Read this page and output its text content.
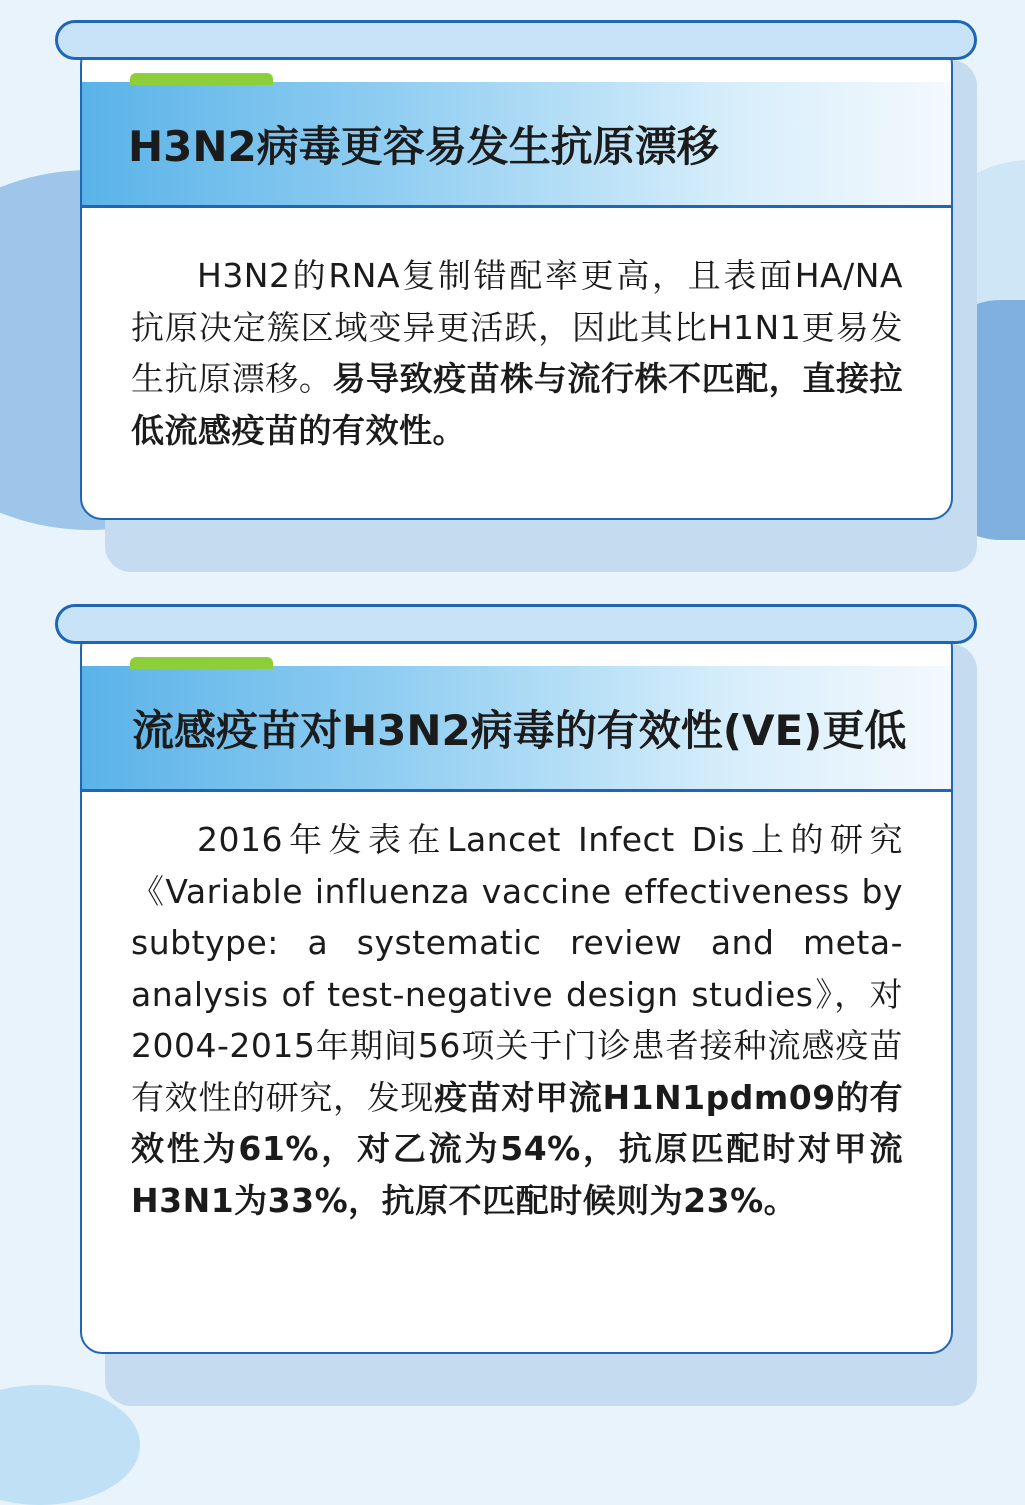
H3N2病毒更容易发生抗原漂移

H3N2的RNA复制错配率更高，且表面HA/NA抗原决定簇区域变异更活跃，因此其比H1N1更易发生抗原漂移。易导致疫苗株与流行株不匹配，直接拉低流感疫苗的有效性。

流感疫苗对H3N2病毒的有效性(VE)更低

2016年发表在Lancet Infect Dis上的研究《Variable influenza vaccine effectiveness by subtype: a systematic review and meta-analysis of test-negative design studies》，对2004-2015年期间56项关于门诊患者接种流感疫苗有效性的研究，发现疫苗对甲流H1N1pdm09的有效性为61%，对乙流为54%，抗原匹配时对甲流H3N1为33%，抗原不匹配时候则为23%。
